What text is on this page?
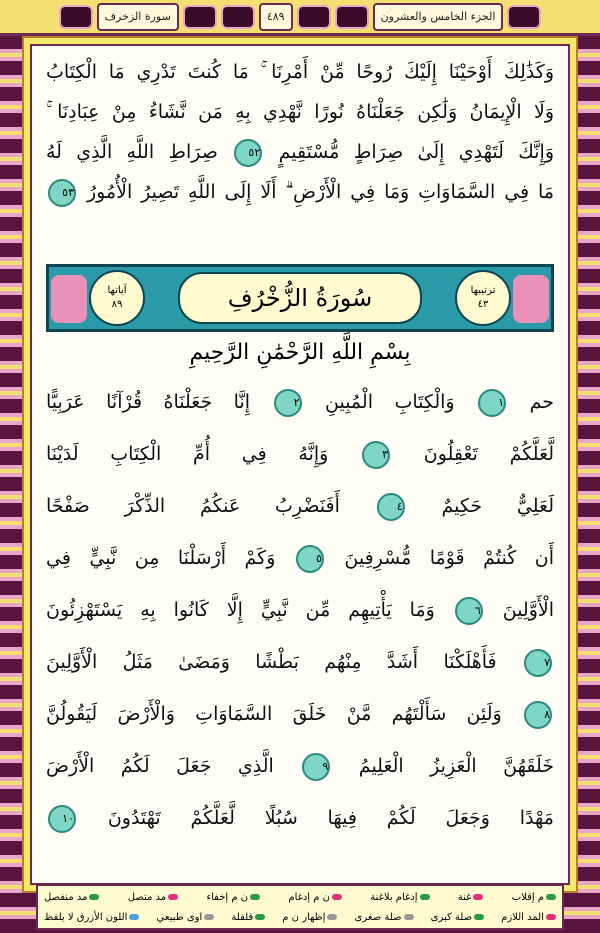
الجزء الخامس والعشرون
٤٨٩
سورة الزخرف
وَكَذَٰلِكَ أَوْحَيْنَا إِلَيْكَ رُوحًا مِّنْ أَمْرِنَا ۚ مَا كُنتَ تَدْرِي مَا الْكِتَابُ
وَلَا الْإِيمَانُ وَلَٰكِن جَعَلْنَاهُ نُورًا نَّهْدِي بِهِ مَن نَّشَاءُ مِنْ عِبَادِنَا ۚ
وَإِنَّكَ لَتَهْدِي إِلَىٰ صِرَاطٍ مُّسْتَقِيمٍ ٥٢ صِرَاطِ اللَّهِ الَّذِي لَهُ
مَا فِي السَّمَاوَاتِ وَمَا فِي الْأَرْضِ ۗ أَلَا إِلَى اللَّهِ تَصِيرُ الْأُمُورُ ٥٣
ترتيبها
٤٣
سُورَةُ الزُّخْرُفِ
آياتها
٨٩
بِسْمِ اللَّهِ الرَّحْمَٰنِ الرَّحِيمِ
حم ١ وَالْكِتَابِ الْمُبِينِ ٢ إِنَّا جَعَلْنَاهُ قُرْآنًا عَرَبِيًّا
لَّعَلَّكُمْ تَعْقِلُونَ ٣ وَإِنَّهُ فِي أُمِّ الْكِتَابِ لَدَيْنَا
لَعَلِيٌّ حَكِيمٌ ٤ أَفَنَضْرِبُ عَنكُمُ الذِّكْرَ صَفْحًا
أَن كُنتُمْ قَوْمًا مُّسْرِفِينَ ٥ وَكَمْ أَرْسَلْنَا مِن نَّبِيٍّ فِي
الْأَوَّلِينَ ٦ وَمَا يَأْتِيهِم مِّن نَّبِيٍّ إِلَّا كَانُوا بِهِ يَسْتَهْزِئُونَ
٧ فَأَهْلَكْنَا أَشَدَّ مِنْهُم بَطْشًا وَمَضَىٰ مَثَلُ الْأَوَّلِينَ
٨ وَلَئِن سَأَلْتَهُم مَّنْ خَلَقَ السَّمَاوَاتِ وَالْأَرْضَ لَيَقُولُنَّ
خَلَقَهُنَّ الْعَزِيزُ الْعَلِيمُ ٩ الَّذِي جَعَلَ لَكُمُ الْأَرْضَ
مَهْدًا وَجَعَلَ لَكُمْ فِيهَا سُبُلًا لَّعَلَّكُمْ تَهْتَدُونَ ١٠
م إقلاب
غنة
إدغام بلاغنة
ن م إدغام
ن م إخفاء
مد متصل
مد منفصل
المد اللازم
صلة كبرى
صلة صغرى
إظهار ن م
قلقلة
اوى طبيعي
اللون الأزرق لا يلفظ
